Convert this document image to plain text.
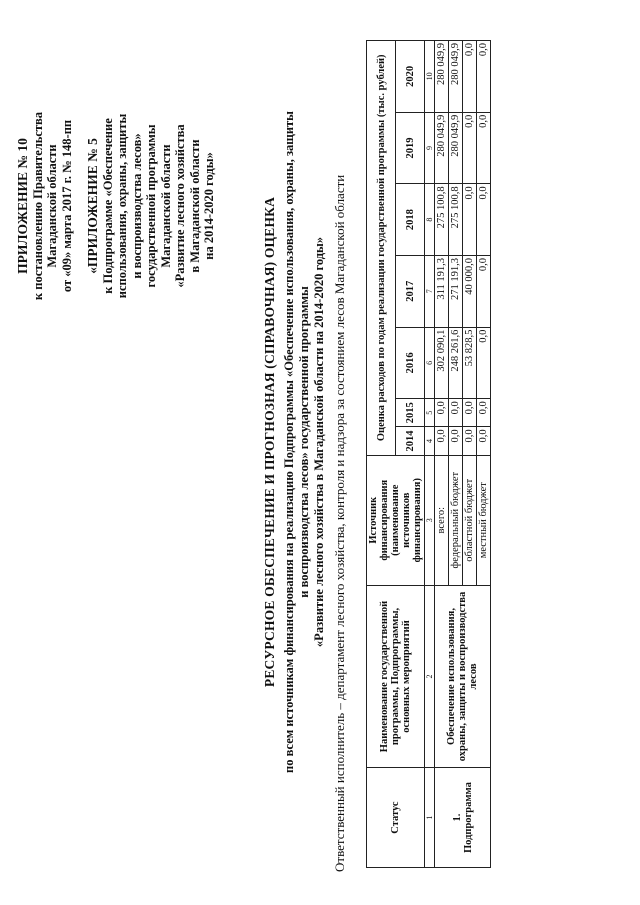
ПРИЛОЖЕНИЕ № 10 к постановлению Правительства Магаданской области от «09» марта 2017 г. № 148-пп «ПРИЛОЖЕНИЕ № 5 к Подпрограмме «Обеспечение использования, охраны, защиты и воспроизводства лесов» государственной программы Магаданской области «Развитие лесного хозяйства в Магаданской области на 2014-2020 годы»	РЕСУРСНОЕ ОБЕСПЕЧЕНИЕ И ПРОГНОЗНАЯ (СПРАВОЧНАЯ) ОЦЕНКА по всем источникам финансирования на реализацию Подпрограммы «Обеспечение использования, охраны, защиты и воспроизводства лесов» государственной программы «Развитие лесного хозяйства в Магаданской области на 2014-2020 годы» Ответственный исполнитель – департамент лесного хозяйства, контроля и надзора за состоянием лесов Магаданской области	Статус	Наименование государственной программы, Подпрограммы, основных мероприятий	Источник финансирования (наименование источников финансирования)	Оценка расходов по годам реализации государственной программы (тыс. рублей)						
			2014	2015	2016	2017	2018	2019	2020
1	2	3	4	5	6	7	8	9	10

1. Подпрограмма	Обеспечение использования, охраны, защиты и воспроизводства лесов	всего:	0,0	0,0	302 090,1	311 191,3	275 100,8	280 049,9	280 049,9
		федеральный бюджет	0,0	0,0	248 261,6	271 191,3	275 100,8	280 049,9	280 049,9
		областной бюджет	0,0	0,0	53 828,5	40 000,0	0,0	0,0	0,0
		местный бюджет	0,0	0,0	0,0	0,0	0,0	0,0	0,0
